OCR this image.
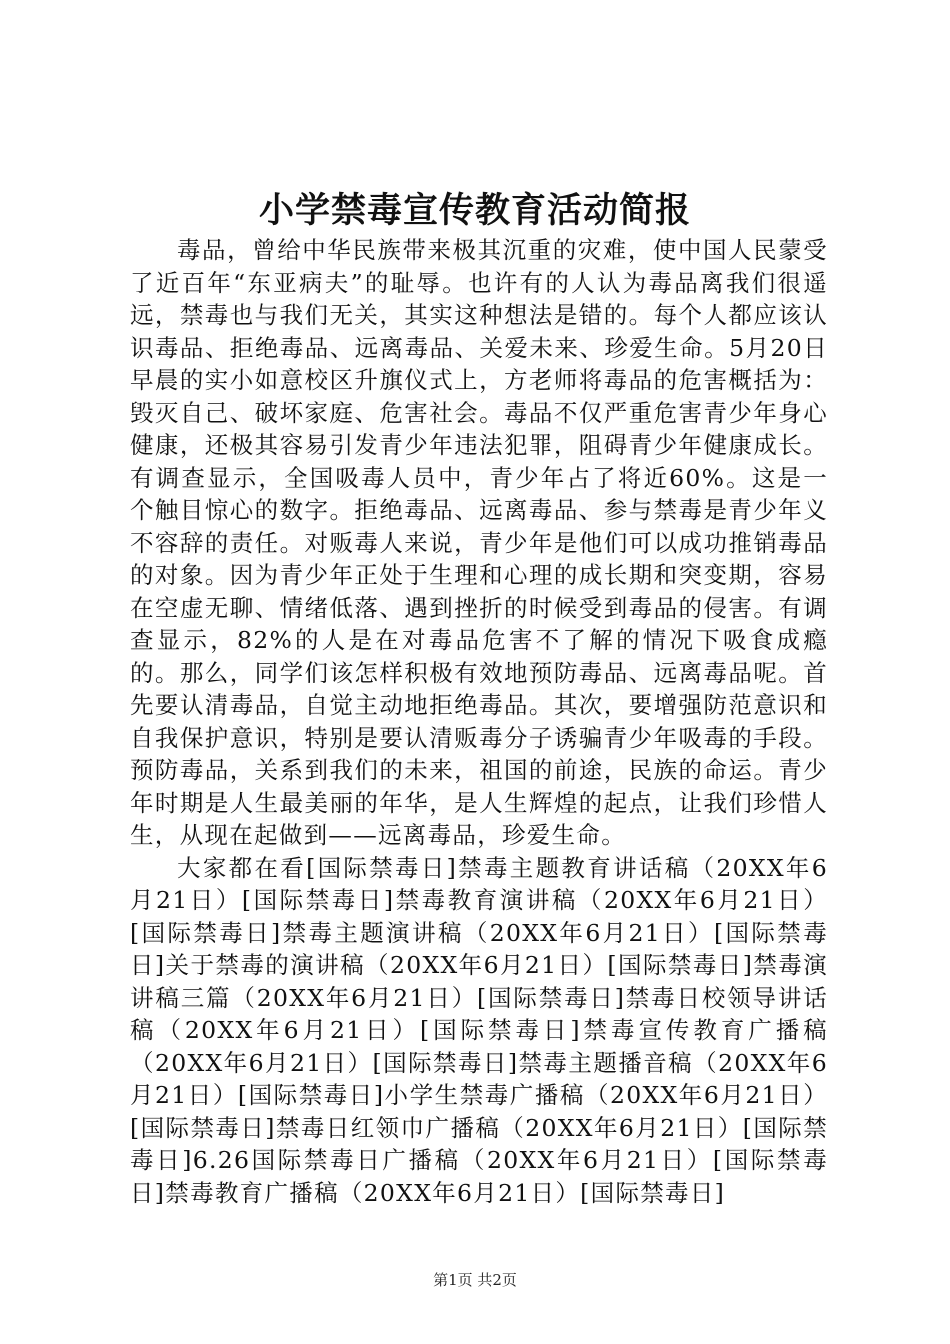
小学禁毒宣传教育活动简报

毒品，曾给中华民族带来极其沉重的灾难，使中国人民蒙受了近百年“东亚病夫”的耻辱。也许有的人认为毒品离我们很遥远，禁毒也与我们无关，其实这种想法是错的。每个人都应该认识毒品、拒绝毒品、远离毒品、关爱未来、珍爱生命。5月20日早晨的实小如意校区升旗仪式上，方老师将毒品的危害概括为：毁灭自己、破坏家庭、危害社会。毒品不仅严重危害青少年身心健康，还极其容易引发青少年违法犯罪，阻碍青少年健康成长。有调查显示，全国吸毒人员中，青少年占了将近60%。这是一个触目惊心的数字。拒绝毒品、远离毒品、参与禁毒是青少年义不容辞的责任。对贩毒人来说，青少年是他们可以成功推销毒品的对象。因为青少年正处于生理和心理的成长期和突变期，容易在空虚无聊、情绪低落、遇到挫折的时候受到毒品的侵害。有调查显示，82%的人是在对毒品危害不了解的情况下吸食成瘾的。那么，同学们该怎样积极有效地预防毒品、远离毒品呢。首先要认清毒品，自觉主动地拒绝毒品。其次，要增强防范意识和自我保护意识，特别是要认清贩毒分子诱骗青少年吸毒的手段。预防毒品，关系到我们的未来，祖国的前途，民族的命运。青少年时期是人生最美丽的年华，是人生辉煌的起点，让我们珍惜人生，从现在起做到——远离毒品，珍爱生命。

大家都在看[国际禁毒日]禁毒主题教育讲话稿（20XX年6月21日）[国际禁毒日]禁毒教育演讲稿（20XX年6月21日）[国际禁毒日]禁毒主题演讲稿（20XX年6月21日）[国际禁毒日]关于禁毒的演讲稿（20XX年6月21日）[国际禁毒日]禁毒演讲稿三篇（20XX年6月21日）[国际禁毒日]禁毒日校领导讲话稿（20XX年6月21日）[国际禁毒日]禁毒宣传教育广播稿（20XX年6月21日）[国际禁毒日]禁毒主题播音稿（20XX年6月21日）[国际禁毒日]小学生禁毒广播稿（20XX年6月21日）[国际禁毒日]禁毒日红领巾广播稿（20XX年6月21日）[国际禁毒日]6.26国际禁毒日广播稿（20XX年6月21日）[国际禁毒日]禁毒教育广播稿（20XX年6月21日）[国际禁毒日]

第1页 共2页
